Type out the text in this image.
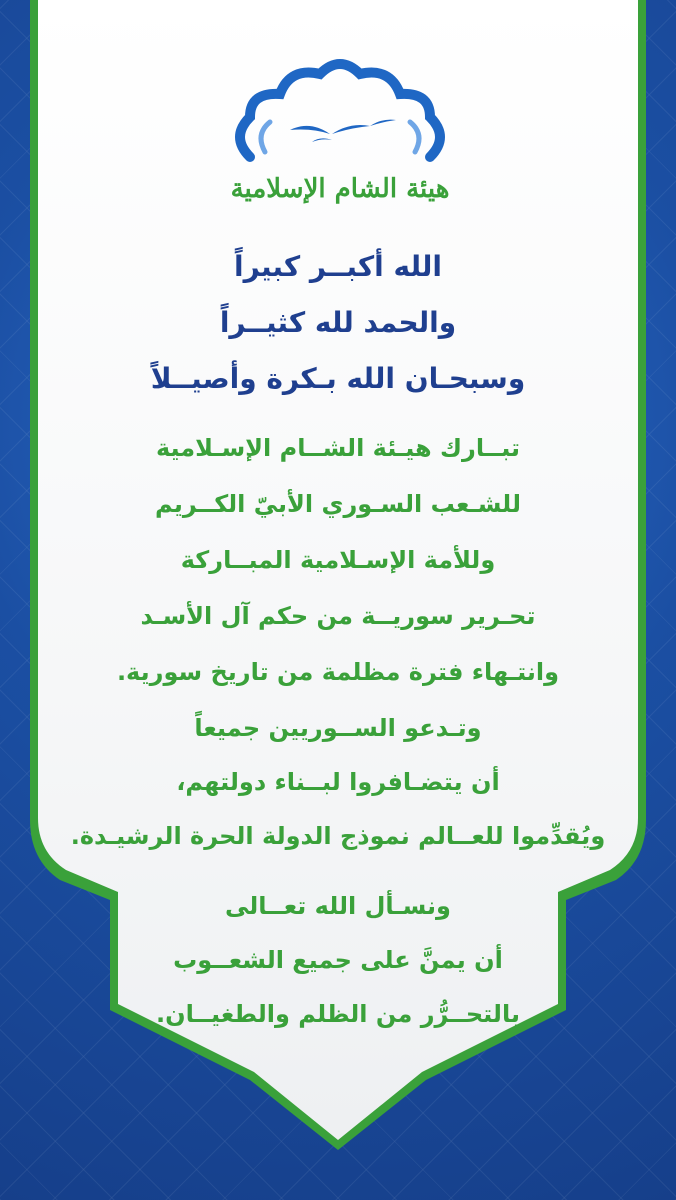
هيئة الشام الإسلامية
الله أكبــر كبيراً
والحمد لله كثيــراً
وسبحـان الله بـكرة وأصيــلاً
تبــارك هيـئة الشــام الإسـلامية
للشـعب السـوري الأبيّ الكــريم
وللأمة الإسـلامية المبــاركة
تحـرير سوريــة من حكم آل الأسـد
وانتـهاء فترة مظلمة من تاريخ سورية.
وتـدعو الســوريين جميعاً
أن يتضـافروا لبــناء دولتهم،
ويُقدِّموا للعــالم نموذج الدولة الحرة الرشيـدة.
ونسـأل الله تعــالى
أن يمنَّ على جميع الشعــوب
بالتحــرُّر من الظلم والطغيــان.
